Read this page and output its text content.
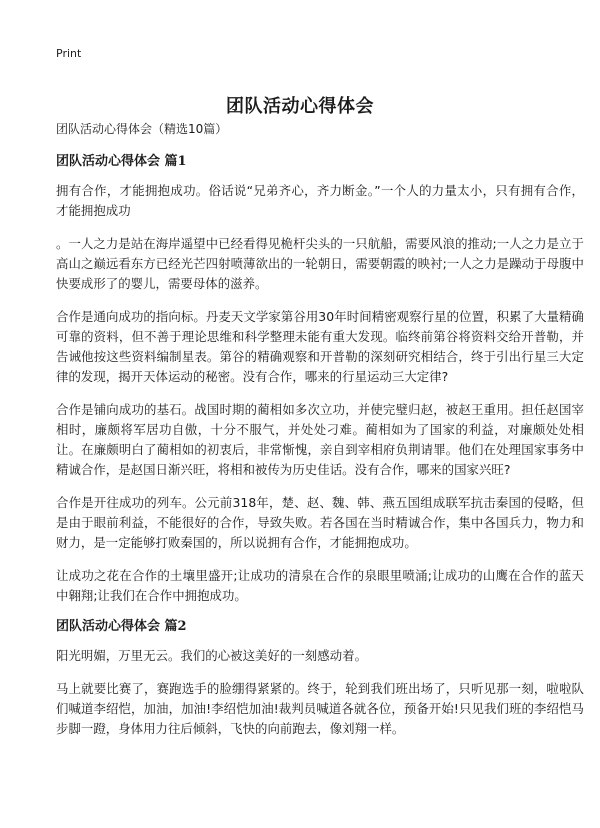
Print
团队活动心得体会
团队活动心得体会（精选10篇）
团队活动心得体会 篇1

拥有合作，才能拥抱成功。俗话说“兄弟齐心，齐力断金。”一个人的力量太小，只有拥有合作，才能拥抱成功

。一人之力是站在海岸遥望中已经看得见桅杆尖头的一只航船，需要风浪的推动;一人之力是立于高山之巅远看东方已经光芒四射喷薄欲出的一轮朝日，需要朝霞的映衬;一人之力是躁动于母腹中快要成形了的婴儿，需要母体的滋养。

合作是通向成功的指向标。丹麦天文学家第谷用30年时间精密观察行星的位置，积累了大量精确可靠的资料，但不善于理论思维和科学整理未能有重大发现。临终前第谷将资料交给开普勒，并告诫他按这些资料编制星表。第谷的精确观察和开普勒的深刻研究相结合，终于引出行星三大定律的发现，揭开天体运动的秘密。没有合作，哪来的行星运动三大定律?

合作是铺向成功的基石。战国时期的蔺相如多次立功，并使完璧归赵，被赵王重用。担任赵国宰相时，廉颇将军居功自傲，十分不服气，并处处刁难。蔺相如为了国家的利益，对廉颇处处相让。在廉颇明白了蔺相如的初衷后，非常惭愧，亲自到宰相府负荆请罪。他们在处理国家事务中精诚合作，是赵国日渐兴旺，将相和被传为历史佳话。没有合作，哪来的国家兴旺?

合作是开往成功的列车。公元前318年，楚、赵、魏、韩、燕五国组成联军抗击秦国的侵略，但是由于眼前利益，不能很好的合作，导致失败。若各国在当时精诚合作，集中各国兵力，物力和财力，是一定能够打败秦国的，所以说拥有合作，才能拥抱成功。

让成功之花在合作的土壤里盛开;让成功的清泉在合作的泉眼里喷涌;让成功的山鹰在合作的蓝天中翱翔;让我们在合作中拥抱成功。

团队活动心得体会 篇2

阳光明媚，万里无云。我们的心被这美好的一刻感动着。

马上就要比赛了，赛跑选手的脸绷得紧紧的。终于，轮到我们班出场了，只听见那一刻，啦啦队们喊道李绍恺，加油，加油!李绍恺加油!裁判员喊道各就各位，预备开始!只见我们班的李绍恺马步脚一蹬，身体用力往后倾斜，飞快的向前跑去，像刘翔一样。
